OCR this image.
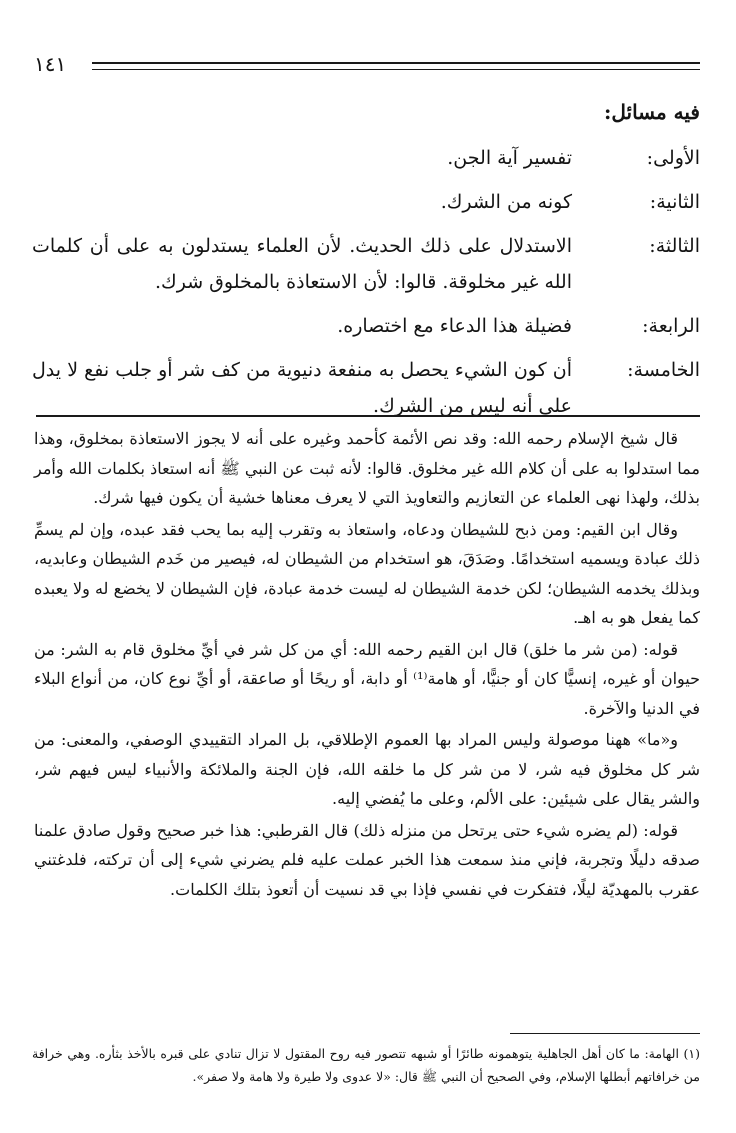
١٤١
فيه مسائل:
الأولى:
تفسير آية الجن.
الثانية:
كونه من الشرك.
الثالثة:
الاستدلال على ذلك الحديث. لأن العلماء يستدلون به على أن كلمات الله غير مخلوقة. قالوا: لأن الاستعاذة بالمخلوق شرك.
الرابعة:
فضيلة هذا الدعاء مع اختصاره.
الخامسة:
أن كون الشيء يحصل به منفعة دنيوية من كف شر أو جلب نفع لا يدل على أنه ليس من الشرك.

قال شيخ الإسلام رحمه الله: وقد نص الأئمة كأحمد وغيره على أنه لا يجوز الاستعاذة بمخلوق، وهذا مما استدلوا به على أن كلام الله غير مخلوق. قالوا: لأنه ثبت عن النبي ﷺ أنه استعاذ بكلمات الله وأمر بذلك، ولهذا نهى العلماء عن التعازيم والتعاويذ التي لا يعرف معناها خشية أن يكون فيها شرك.

وقال ابن القيم: ومن ذبح للشيطان ودعاه، واستعاذ به وتقرب إليه بما يحب فقد عبده، وإن لم يسمِّ ذلك عبادة ويسميه استخدامًا. وصَدَقَ، هو استخدام من الشيطان له، فيصير من خَدم الشيطان وعابديه، وبذلك يخدمه الشيطان؛ لكن خدمة الشيطان له ليست خدمة عبادة، فإن الشيطان لا يخضع له ولا يعبده كما يفعل هو به اهـ.

قوله: (من شر ما خلق) قال ابن القيم رحمه الله: أي من كل شر في أيِّ مخلوق قام به الشر: من حيوان أو غيره، إنسيًّا كان أو جنيًّا، أو هامة⁽¹⁾ أو دابة، أو ريحًا أو صاعقة، أو أيِّ نوع كان، من أنواع البلاء في الدنيا والآخرة.

و«ما» ههنا موصولة وليس المراد بها العموم الإطلاقي، بل المراد التقييدي الوصفي، والمعنى: من شر كل مخلوق فيه شر، لا من شر كل ما خلقه الله، فإن الجنة والملائكة والأنبياء ليس فيهم شر، والشر يقال على شيئين: على الألم، وعلى ما يُفضي إليه.

قوله: (لم يضره شيء حتى يرتحل من منزله ذلك) قال القرطبي: هذا خبر صحيح وقول صادق علمنا صدقه دليلًا وتجربة، فإني منذ سمعت هذا الخبر عملت عليه فلم يضرني شيء إلى أن تركته، فلدغتني عقرب بالمهديّة ليلًا، فتفكرت في نفسي فإذا بي قد نسيت أن أتعوذ بتلك الكلمات.

(١) الهامة: ما كان أهل الجاهلية يتوهمونه طائرًا أو شبهه تتصور فيه روح المقتول لا تزال تنادي على قبره بالأخذ بثأره. وهي خرافة من خرافاتهم أبطلها الإسلام، وفي الصحيح أن النبي ﷺ قال: «لا عدوى ولا طيرة ولا هامة ولا صفر».
